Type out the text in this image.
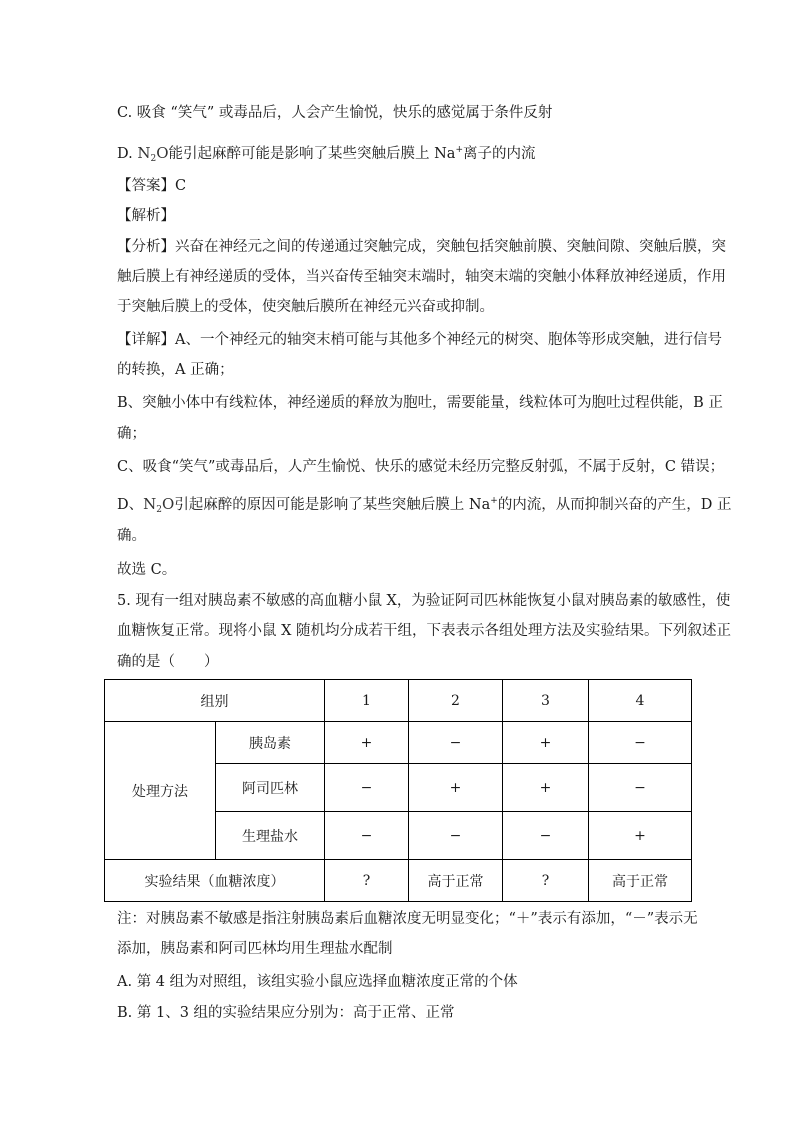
C. 吸食 “笑气” 或毒品后，人会产生愉悦，快乐的感觉属于条件反射
D. $N_2O$能引起麻醉可能是影响了某些突触后膜上 Na+离子的内流
【答案】C
【解析】
【分析】兴奋在神经元之间的传递通过突触完成，突触包括突触前膜、突触间隙、突触后膜，突
触后膜上有神经递质的受体，当兴奋传至轴突末端时，轴突末端的突触小体释放神经递质，作用
于突触后膜上的受体，使突触后膜所在神经元兴奋或抑制。
【详解】A、一个神经元的轴突末梢可能与其他多个神经元的树突、胞体等形成突触，进行信号
的转换，A 正确；
B、突触小体中有线粒体，神经递质的释放为胞吐，需要能量，线粒体可为胞吐过程供能，B 正
确；
C、吸食“笑气”或毒品后，人产生愉悦、快乐的感觉未经历完整反射弧，不属于反射，C 错误；
D、$N_2O$引起麻醉的原因可能是影响了某些突触后膜上 Na+的内流，从而抑制兴奋的产生，D 正
确。
故选 C。
5. 现有一组对胰岛素不敏感的高血糖小鼠 X，为验证阿司匹林能恢复小鼠对胰岛素的敏感性，使
血糖恢复正常。现将小鼠 X 随机均分成若干组，下表表示各组处理方法及实验结果。下列叙述正
确的是（　　）
组别		1	2	3	4
处理方法	胰岛素	+	−	+	−
	阿司匹林	−	+	+	−
	生理盐水	−	−	−	+
实验结果（血糖浓度）		?	高于正常	?	高于正常
注：对胰岛素不敏感是指注射胰岛素后血糖浓度无明显变化；“＋”表示有添加，“－”表示无
添加，胰岛素和阿司匹林均用生理盐水配制
A. 第 4 组为对照组，该组实验小鼠应选择血糖浓度正常的个体
B. 第 1、3 组的实验结果应分别为：高于正常、正常
